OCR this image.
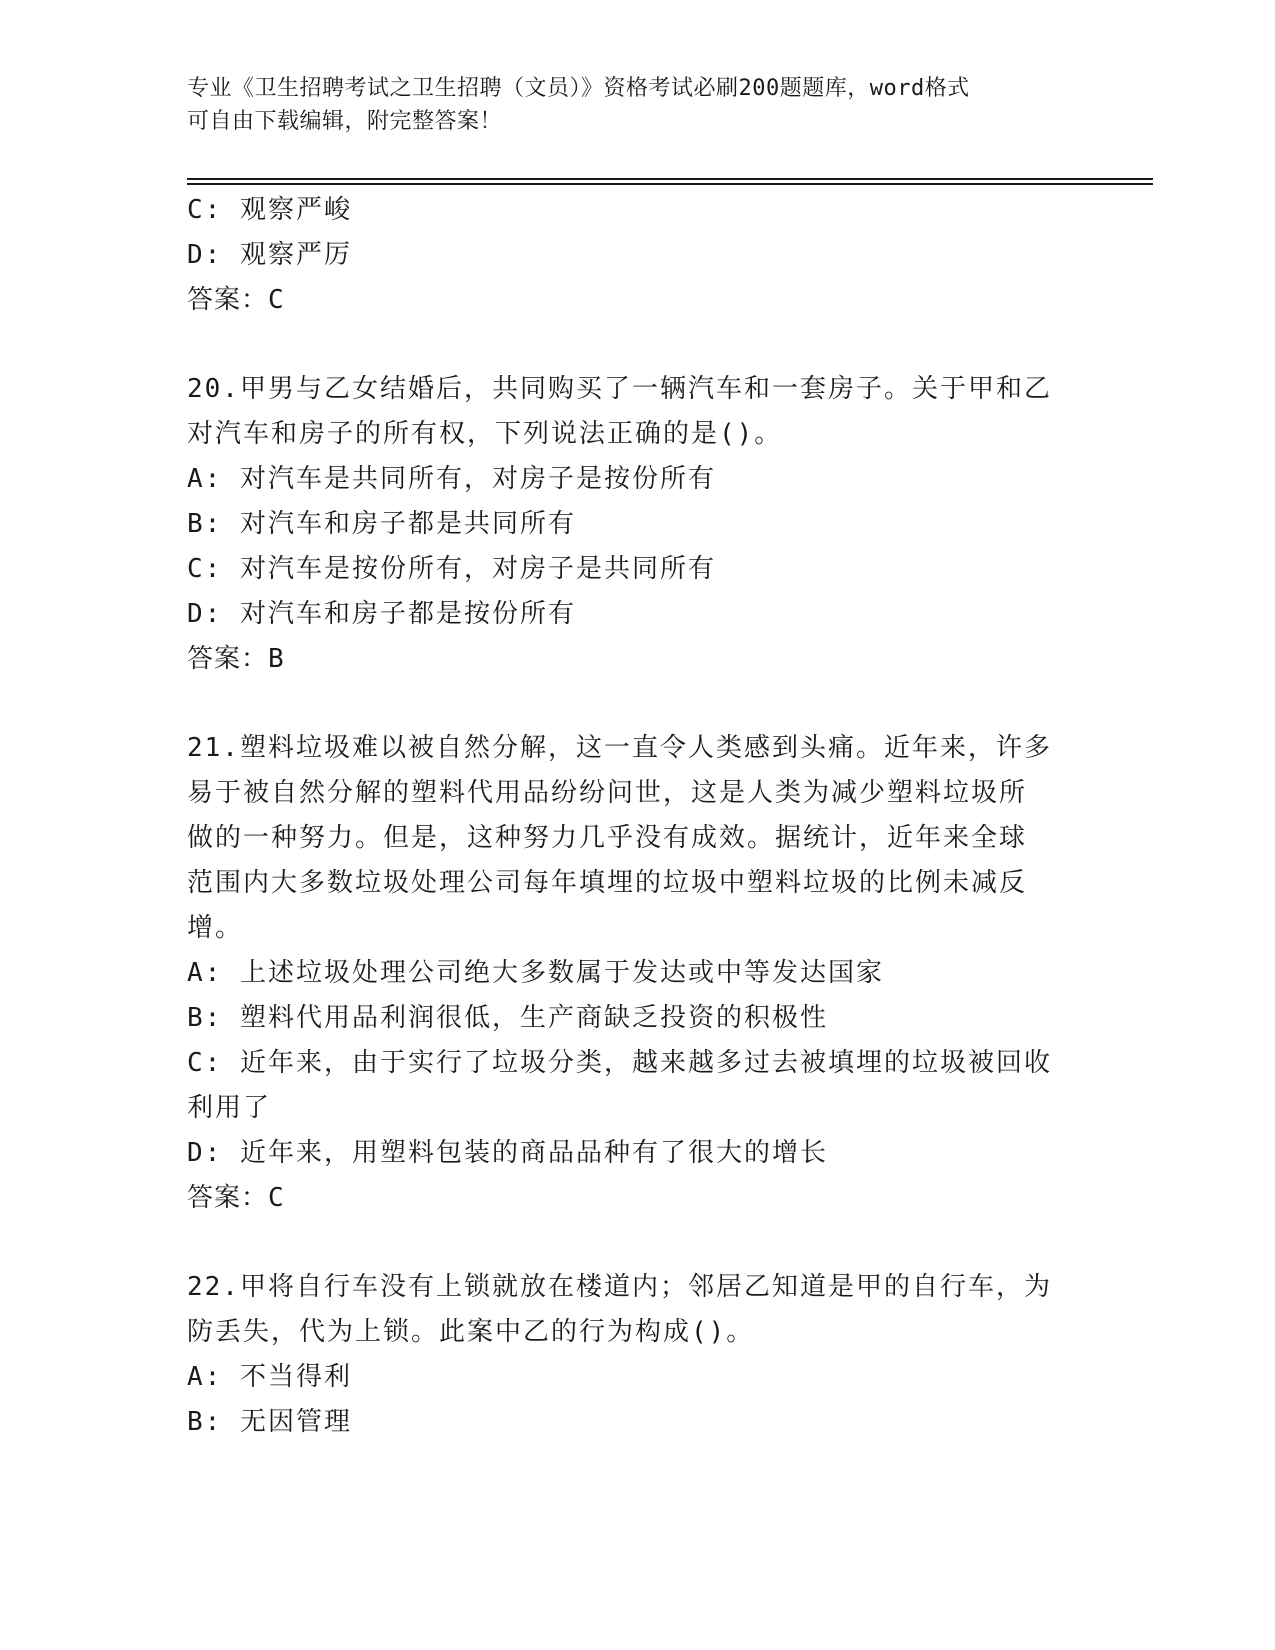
专业《卫生招聘考试之卫生招聘（文员）》资格考试必刷200题题库，word格式

可自由下载编辑，附完整答案！

C: 观察严峻

D: 观察严厉

答案：C

20.甲男与乙女结婚后，共同购买了一辆汽车和一套房子。关于甲和乙

对汽车和房子的所有权，下列说法正确的是()。

A: 对汽车是共同所有，对房子是按份所有

B: 对汽车和房子都是共同所有

C: 对汽车是按份所有，对房子是共同所有

D: 对汽车和房子都是按份所有

答案：B

21.塑料垃圾难以被自然分解，这一直令人类感到头痛。近年来，许多

易于被自然分解的塑料代用品纷纷问世，这是人类为减少塑料垃圾所

做的一种努力。但是，这种努力几乎没有成效。据统计，近年来全球

范围内大多数垃圾处理公司每年填埋的垃圾中塑料垃圾的比例未减反

增。

A: 上述垃圾处理公司绝大多数属于发达或中等发达国家

B: 塑料代用品利润很低，生产商缺乏投资的积极性

C: 近年来，由于实行了垃圾分类，越来越多过去被填埋的垃圾被回收

利用了

D: 近年来，用塑料包装的商品品种有了很大的增长

答案：C

22.甲将自行车没有上锁就放在楼道内；邻居乙知道是甲的自行车，为

防丢失，代为上锁。此案中乙的行为构成()。

A: 不当得利

B: 无因管理
